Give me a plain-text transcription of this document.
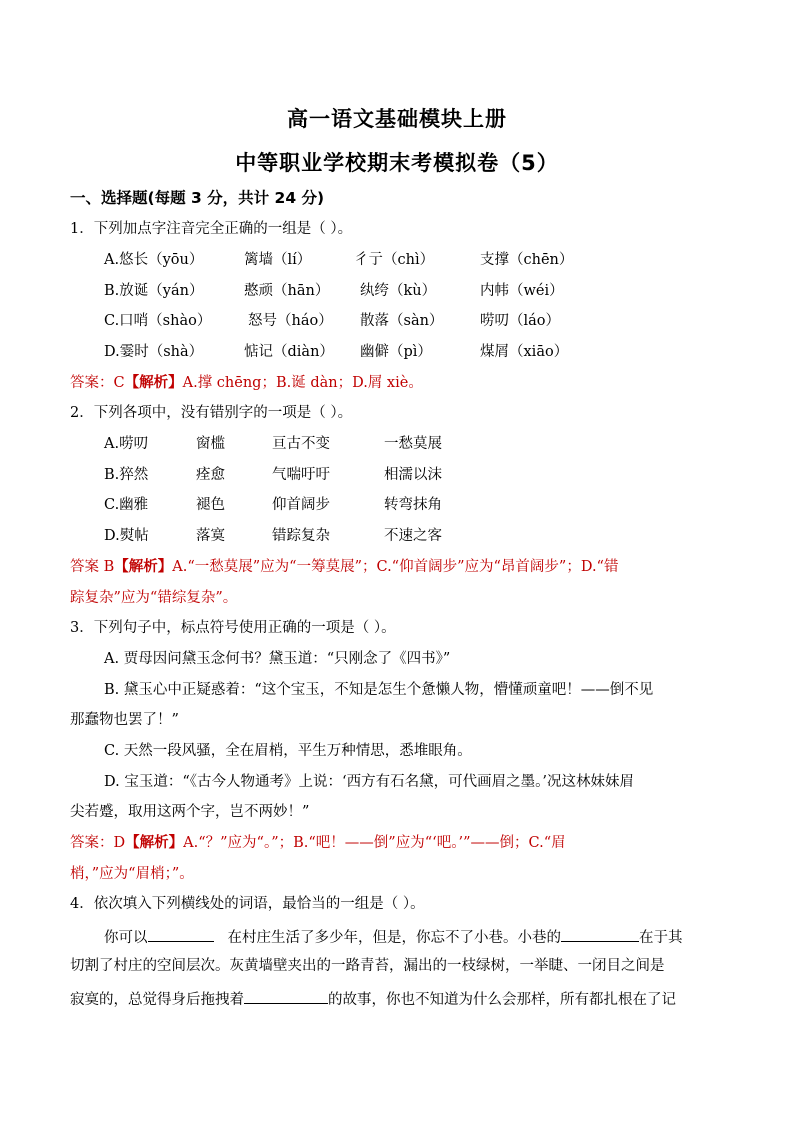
高一语文基础模块上册
中等职业学校期末考模拟卷（5）
一、选择题(每题 3 分，共计 24 分)
1．下列加点字注音完全正确的一组是（ ）。
A.悠长（yōu）	篱墙（lí）	彳亍（chì）	支撑（chēn）
B.放诞（yán）	憨顽（hān） 纨绔（kù）	内帏（wéi）
C.口哨（shào）	怒号（háo） 散落（sàn）	唠叨（láo）
D.霎时（shà）	惦记（diàn） 幽僻（pì）	煤屑（xiāo）
答案：C【解析】A.撑 chēng；B.诞 dàn；D.屑 xiè。
2．下列各项中，没有错别字的一项是（ ）。
A.唠叨	窗槛	亘古不变	一愁莫展
B.猝然	痊愈	气喘吁吁	相濡以沫
C.幽雅	褪色	仰首阔步	转弯抹角
D.熨帖	落寞	错踪复杂	不速之客
答案 B【解析】A.“一愁莫展”应为“一筹莫展”；C.“仰首阔步”应为“昂首阔步”；D.“错
踪复杂”应为“错综复杂”。
3．下列句子中，标点符号使用正确的一项是（ ）。
A. 贾母因问黛玉念何书？黛玉道：“只刚念了《四书》”
B. 黛玉心中正疑惑着：“这个宝玉，不知是怎生个惫懒人物，懵懂顽童吧！——倒不见
那蠢物也罢了！”
C. 天然一段风骚，全在眉梢，平生万种情思，悉堆眼角。
D. 宝玉道：“《古今人物通考》上说：‘西方有石名黛，可代画眉之墨。’况这林妹妹眉
尖若蹙，取用这两个字，岂不两妙！”
答案：D【解析】A.“？”应为“。”；B.“吧！——倒”应为“‘吧。’”——倒；C.“眉
梢，”应为“眉梢；”。
4．依次填入下列横线处的词语，最恰当的一组是（ ）。
你可以	在村庄生活了多少年，但是，你忘不了小巷。小巷的	在于其
切割了村庄的空间层次。灰黄墙壁夹出的一路青苔，漏出的一枝绿树，一举睫、一闭目之间是
寂寞的，总觉得身后拖拽着	的故事，你也不知道为什么会那样，所有都扎根在了记
